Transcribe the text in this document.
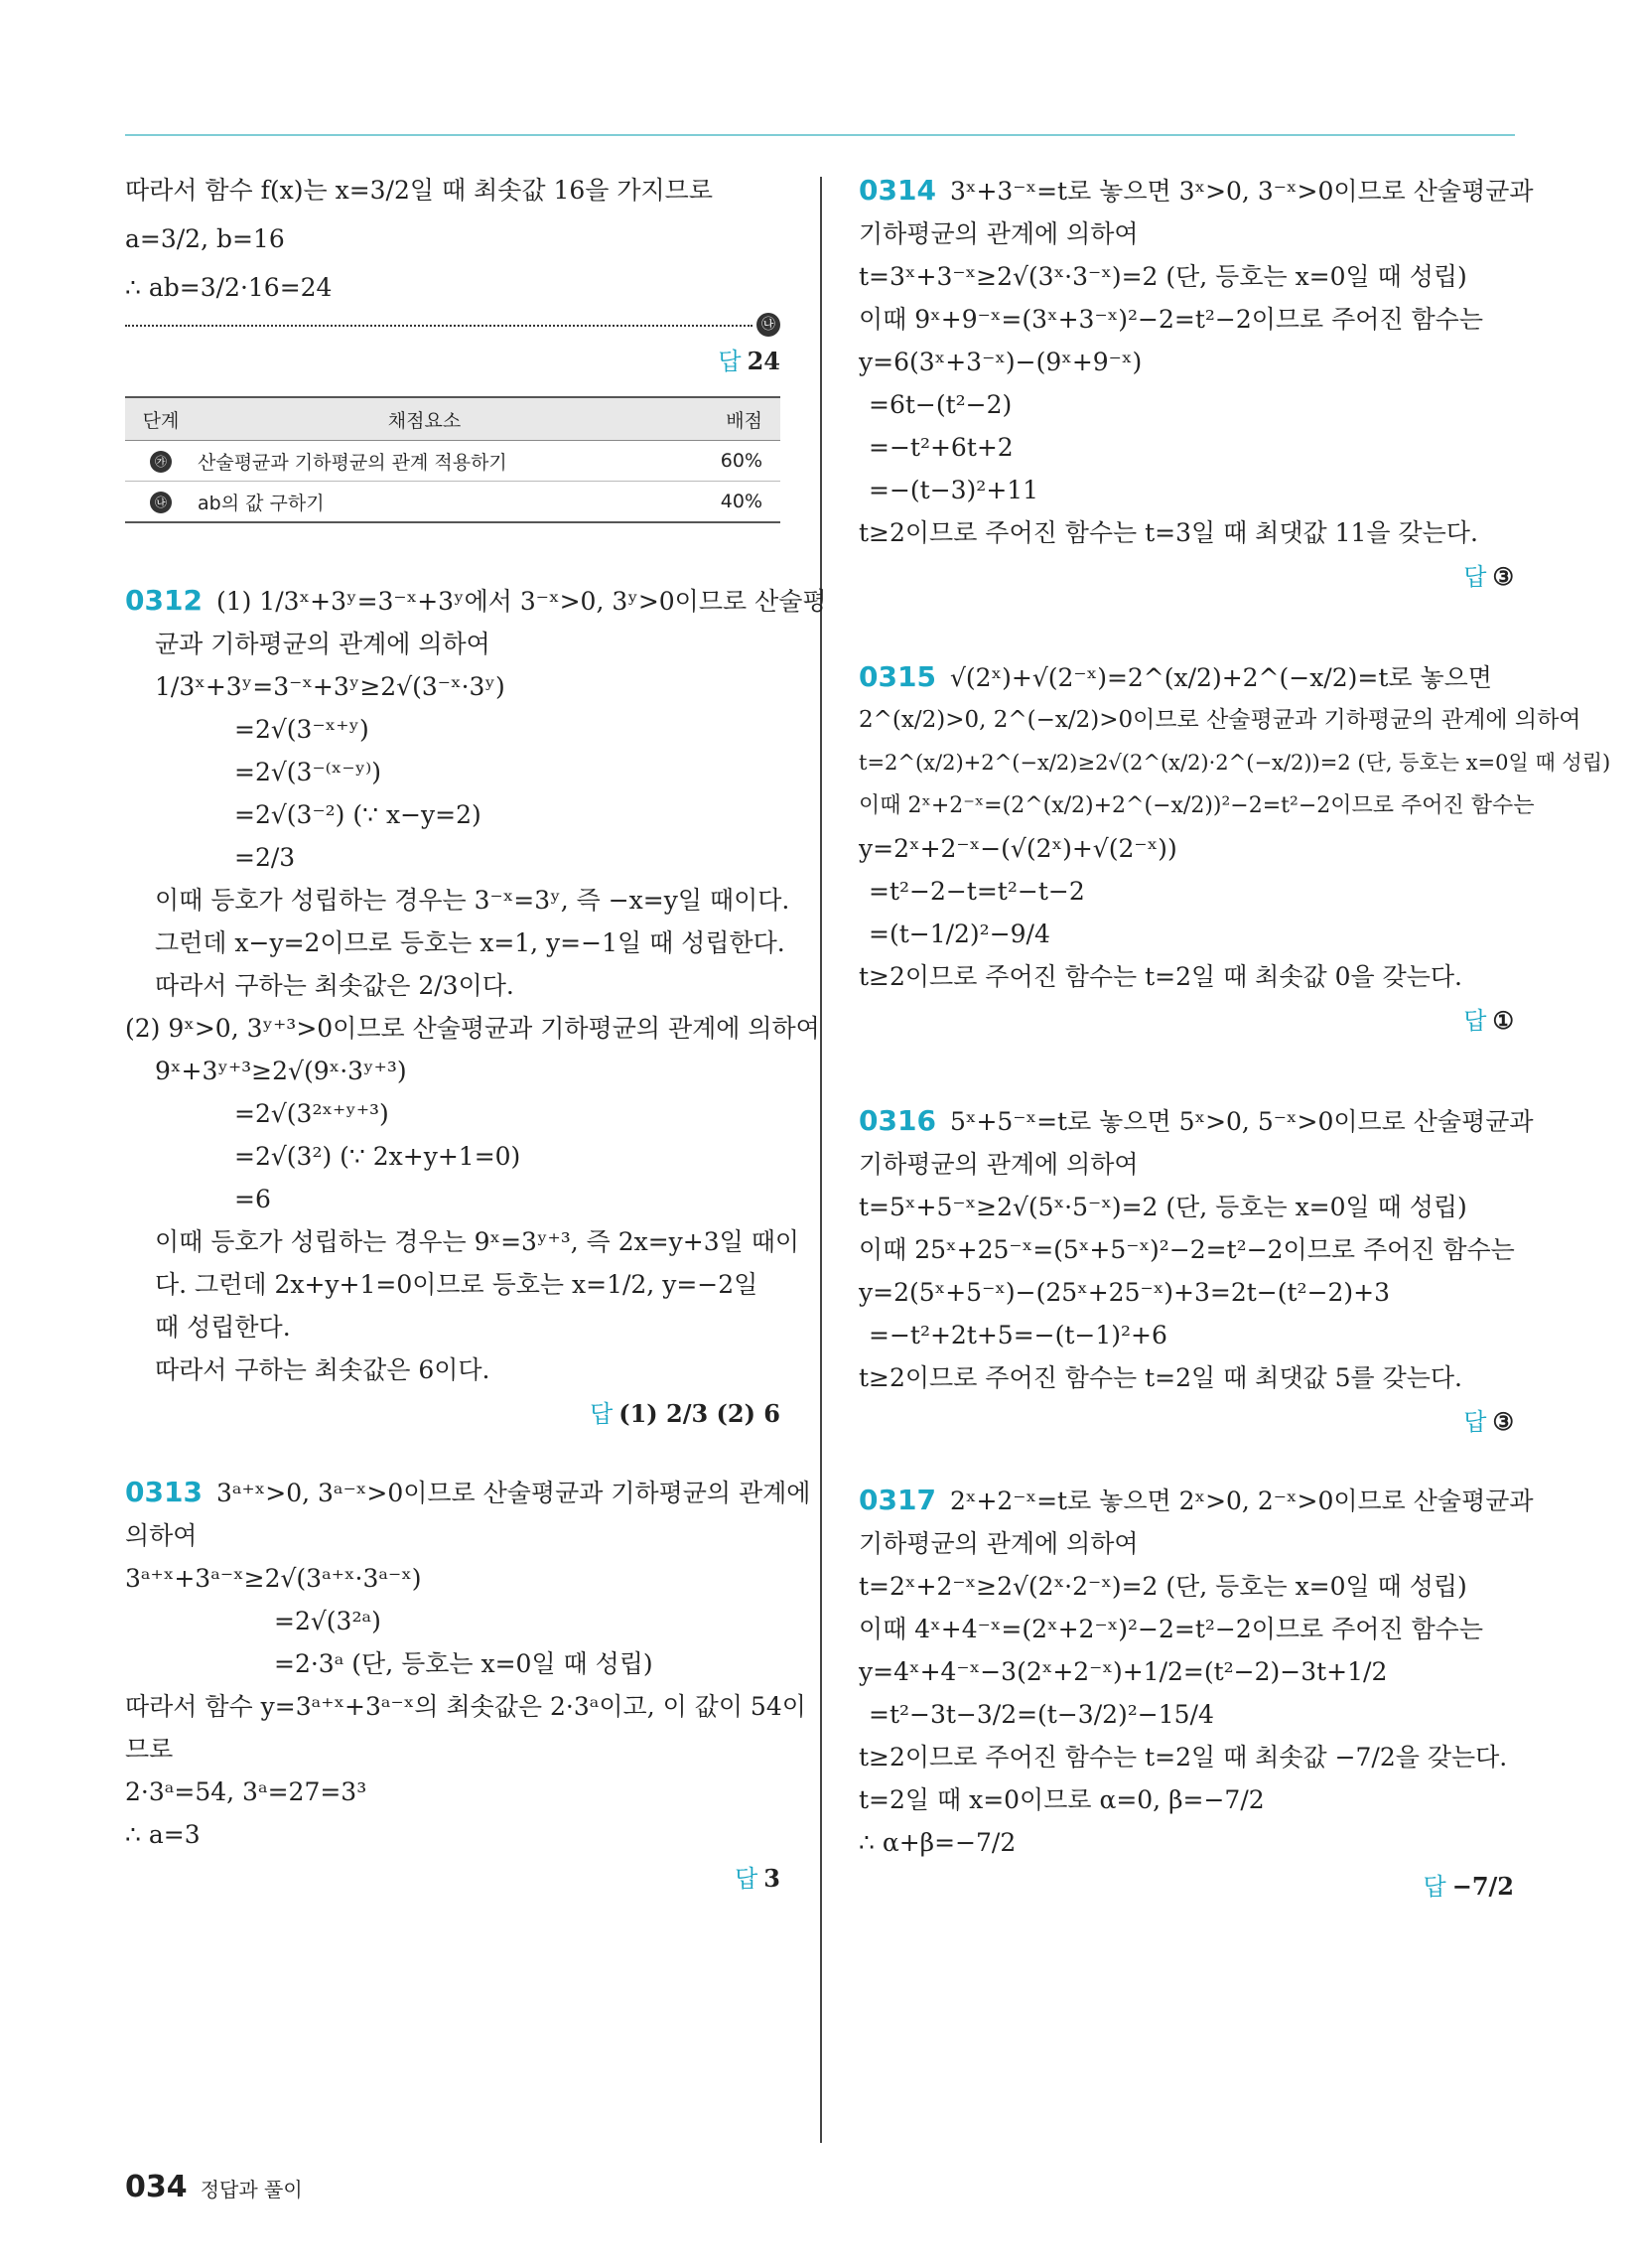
따라서 함수 f(x)는 x=3/2일 때 최솟값 16을 가지므로
a=3/2, b=16
∴ ab=3/2·16=24
㉯
답 24
단계	채점요소	배점
㉮	산술평균과 기하평균의 관계 적용하기	60%
㉯	ab의 값 구하기	40%
0312 (1) 1/3ˣ+3ʸ=3⁻ˣ+3ʸ에서 3⁻ˣ>0, 3ʸ>0이므로 산술평
균과 기하평균의 관계에 의하여
1/3ˣ+3ʸ=3⁻ˣ+3ʸ≥2√(3⁻ˣ·3ʸ)
=2√(3⁻ˣ⁺ʸ)
=2√(3⁻⁽ˣ⁻ʸ⁾)
=2√(3⁻²) (∵ x−y=2)
=2/3
이때 등호가 성립하는 경우는 3⁻ˣ=3ʸ, 즉 −x=y일 때이다.
그런데 x−y=2이므로 등호는 x=1, y=−1일 때 성립한다.
따라서 구하는 최솟값은 2/3이다.
(2) 9ˣ>0, 3ʸ⁺³>0이므로 산술평균과 기하평균의 관계에 의하여
9ˣ+3ʸ⁺³≥2√(9ˣ·3ʸ⁺³)
=2√(3²ˣ⁺ʸ⁺³)
=2√(3²) (∵ 2x+y+1=0)
=6
이때 등호가 성립하는 경우는 9ˣ=3ʸ⁺³, 즉 2x=y+3일 때이
다. 그런데 2x+y+1=0이므로 등호는 x=1/2, y=−2일
때 성립한다.
따라서 구하는 최솟값은 6이다.
답 (1) 2/3 (2) 6
0313 3ᵃ⁺ˣ>0, 3ᵃ⁻ˣ>0이므로 산술평균과 기하평균의 관계에
의하여
3ᵃ⁺ˣ+3ᵃ⁻ˣ≥2√(3ᵃ⁺ˣ·3ᵃ⁻ˣ)
=2√(3²ᵃ)
=2·3ᵃ (단, 등호는 x=0일 때 성립)
따라서 함수 y=3ᵃ⁺ˣ+3ᵃ⁻ˣ의 최솟값은 2·3ᵃ이고, 이 값이 54이
므로
2·3ᵃ=54, 3ᵃ=27=3³
∴ a=3
답 3
0314 3ˣ+3⁻ˣ=t로 놓으면 3ˣ>0, 3⁻ˣ>0이므로 산술평균과
기하평균의 관계에 의하여
t=3ˣ+3⁻ˣ≥2√(3ˣ·3⁻ˣ)=2 (단, 등호는 x=0일 때 성립)
이때 9ˣ+9⁻ˣ=(3ˣ+3⁻ˣ)²−2=t²−2이므로 주어진 함수는
y=6(3ˣ+3⁻ˣ)−(9ˣ+9⁻ˣ)
=6t−(t²−2)
=−t²+6t+2
=−(t−3)²+11
t≥2이므로 주어진 함수는 t=3일 때 최댓값 11을 갖는다.
답 ③
0315 √(2ˣ)+√(2⁻ˣ)=2^(x/2)+2^(−x/2)=t로 놓으면
2^(x/2)>0, 2^(−x/2)>0이므로 산술평균과 기하평균의 관계에 의하여
t=2^(x/2)+2^(−x/2)≥2√(2^(x/2)·2^(−x/2))=2 (단, 등호는 x=0일 때 성립)
이때 2ˣ+2⁻ˣ=(2^(x/2)+2^(−x/2))²−2=t²−2이므로 주어진 함수는
y=2ˣ+2⁻ˣ−(√(2ˣ)+√(2⁻ˣ))
=t²−2−t=t²−t−2
=(t−1/2)²−9/4
t≥2이므로 주어진 함수는 t=2일 때 최솟값 0을 갖는다.
답 ①
0316 5ˣ+5⁻ˣ=t로 놓으면 5ˣ>0, 5⁻ˣ>0이므로 산술평균과
기하평균의 관계에 의하여
t=5ˣ+5⁻ˣ≥2√(5ˣ·5⁻ˣ)=2 (단, 등호는 x=0일 때 성립)
이때 25ˣ+25⁻ˣ=(5ˣ+5⁻ˣ)²−2=t²−2이므로 주어진 함수는
y=2(5ˣ+5⁻ˣ)−(25ˣ+25⁻ˣ)+3=2t−(t²−2)+3
=−t²+2t+5=−(t−1)²+6
t≥2이므로 주어진 함수는 t=2일 때 최댓값 5를 갖는다.
답 ③
0317 2ˣ+2⁻ˣ=t로 놓으면 2ˣ>0, 2⁻ˣ>0이므로 산술평균과
기하평균의 관계에 의하여
t=2ˣ+2⁻ˣ≥2√(2ˣ·2⁻ˣ)=2 (단, 등호는 x=0일 때 성립)
이때 4ˣ+4⁻ˣ=(2ˣ+2⁻ˣ)²−2=t²−2이므로 주어진 함수는
y=4ˣ+4⁻ˣ−3(2ˣ+2⁻ˣ)+1/2=(t²−2)−3t+1/2
=t²−3t−3/2=(t−3/2)²−15/4
t≥2이므로 주어진 함수는 t=2일 때 최솟값 −7/2을 갖는다.
t=2일 때 x=0이므로 α=0, β=−7/2
∴ α+β=−7/2
답 −7/2
034 정답과 풀이
